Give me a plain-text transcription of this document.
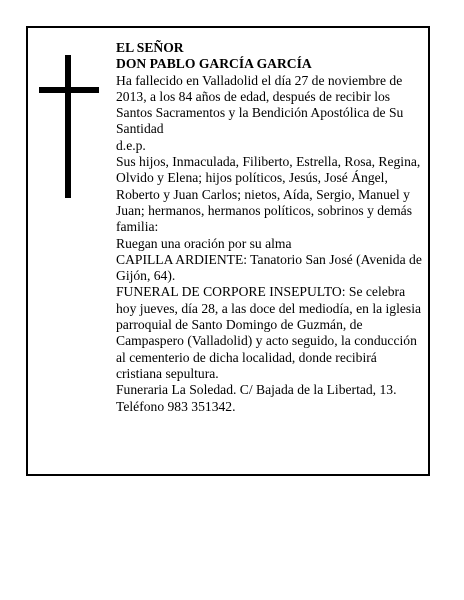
EL SEÑOR
DON PABLO GARCÍA GARCÍA
Ha fallecido en Valladolid el día 27 de noviembre de 2013, a los 84 años de edad, después de recibir los Santos Sacramentos y la Bendición Apostólica de Su Santidad
d.e.p.
Sus hijos, Inmaculada, Filiberto, Estrella, Rosa, Regina, Olvido y Elena; hijos políticos, Jesús, José Ángel, Roberto y Juan Carlos; nietos, Aída, Sergio, Manuel y Juan; hermanos, hermanos políticos, sobrinos y demás familia:
Ruegan una oración por su alma
CAPILLA ARDIENTE: Tanatorio San José (Avenida de Gijón, 64).
FUNERAL DE CORPORE INSEPULTO: Se celebra hoy jueves, día 28, a las doce del mediodía, en la iglesia parroquial de Santo Domingo de Guzmán, de Campaspero (Valladolid) y acto seguido, la conducción al cementerio de dicha localidad, donde recibirá cristiana sepultura.
Funeraria La Soledad. C/ Bajada de la Libertad, 13. Teléfono 983 351342.
